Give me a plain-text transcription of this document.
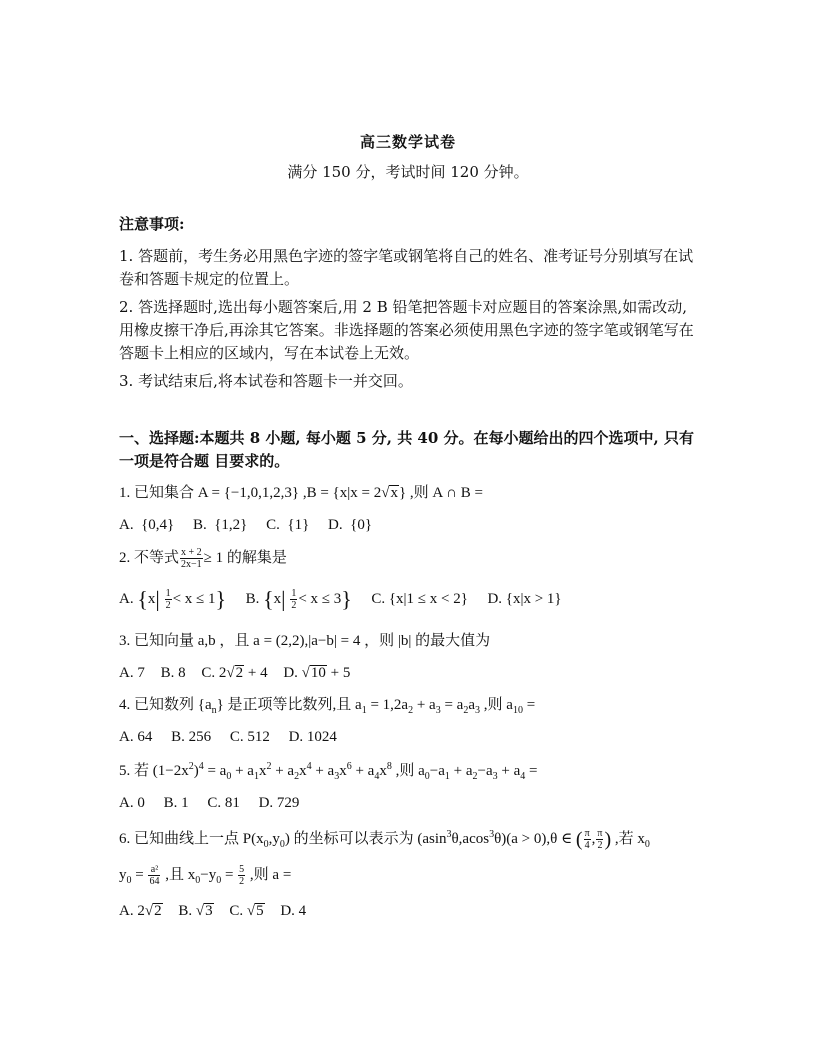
高三数学试卷
满分 150 分，考试时间 120 分钟。
注意事项:
1. 答题前，考生务必用黑色字迹的签字笔或钢笔将自己的姓名、准考证号分别填写在试卷和答题卡规定的位置上。
2. 答选择题时,选出每小题答案后,用 2 B 铅笔把答题卡对应题目的答案涂黑,如需改动,用橡皮擦干净后,再涂其它答案。非选择题的答案必须使用黑色字迹的签字笔或钢笔写在答题卡上相应的区域内，写在本试卷上无效。
3. 考试结束后,将本试卷和答题卡一并交回。
一、选择题:本题共 8 小题, 每小题 5 分, 共 40 分。在每小题给出的四个选项中, 只有一项是符合题 目要求的。
1. 已知集合 A = {−1,0,1,2,3} ,B = {x|x = 2√x} ,则 A ∩ B =
A.  {0,4}     B.  {1,2}     C.  {1}     D.  {0}
2. 不等式 $\frac{x + 2}{2x-1} \ge 1$ 的解集是
A. $\{x| \frac{1}{2} < x \le 1\}$ B. $\{x| \frac{1}{2} < x \le 3\}$ C. {x|1 ≤ x < 2} D. {x|x > 1}
3. 已知向量 a,b ，且 a = (2,2),|a−b| = 4 ，则 |b| 的最大值为
A. 7 B. 8 C. 2√2 + 4 D. √10 + 5
4. 已知数列 $\{a_n\}$ 是正项等比数列,且 $a_1 = 1,2a_2 + a_3 = a_2a_3$ ,则 $a_{10}$ =
A. 64     B. 256     C. 512     D. 1024
5. 若 $(1-2x^2)^4 = a_0 + a_1x^2 + a_2x^4 + a_3x^6 + a_4x^8$ ,则 $a_0-a_1 + a_2-a_3 + a_4$ =
A. 0     B. 1     C. 81     D. 729
6. 已知曲线上一点 $P(x_0,y_0)$ 的坐标可以表示为 (asin$^3$θ,acos$^3$θ)(a > 0),θ ∈ ( $\frac{\pi}{4}$ , $\frac{\pi}{2}$ ) ,若 $x_0$
$y_0 = \frac{\text{a²}}{64}$ ,且 $x_0-y_0 = \frac{5}{2}$ ,则 a =
A. 2√2 B. √3 C. √5 D. 4
